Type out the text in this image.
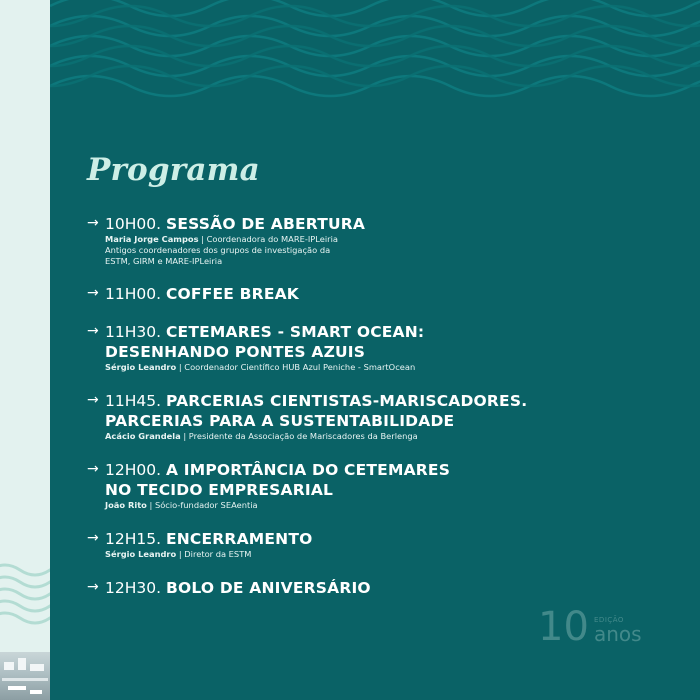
Programa
→ 10H00. SESSÃO DE ABERTURA
Maria Jorge Campos | Coordenadora do MARE-IPLeiria
Antigos coordenadores dos grupos de investigação da
ESTM, GIRM e MARE-IPLeiria
→ 11H00. COFFEE BREAK
→ 11H30. CETEMARES - SMART OCEAN:
DESENHANDO PONTES AZUIS
Sérgio Leandro | Coordenador Científico HUB Azul Peniche - SmartOcean
→ 11H45. PARCERIAS CIENTISTAS-MARISCADORES.
PARCERIAS PARA A SUSTENTABILIDADE
Acácio Grandela | Presidente da Associação de Mariscadores da Berlenga
→ 12H00. A IMPORTÂNCIA DO CETEMARES
NO TECIDO EMPRESARIAL
João Rito | Sócio-fundador SEAentia
→ 12H15. ENCERRAMENTO
Sérgio Leandro | Diretor da ESTM
→ 12H30. BOLO DE ANIVERSÁRIO
10 EDIÇÃO
anos
